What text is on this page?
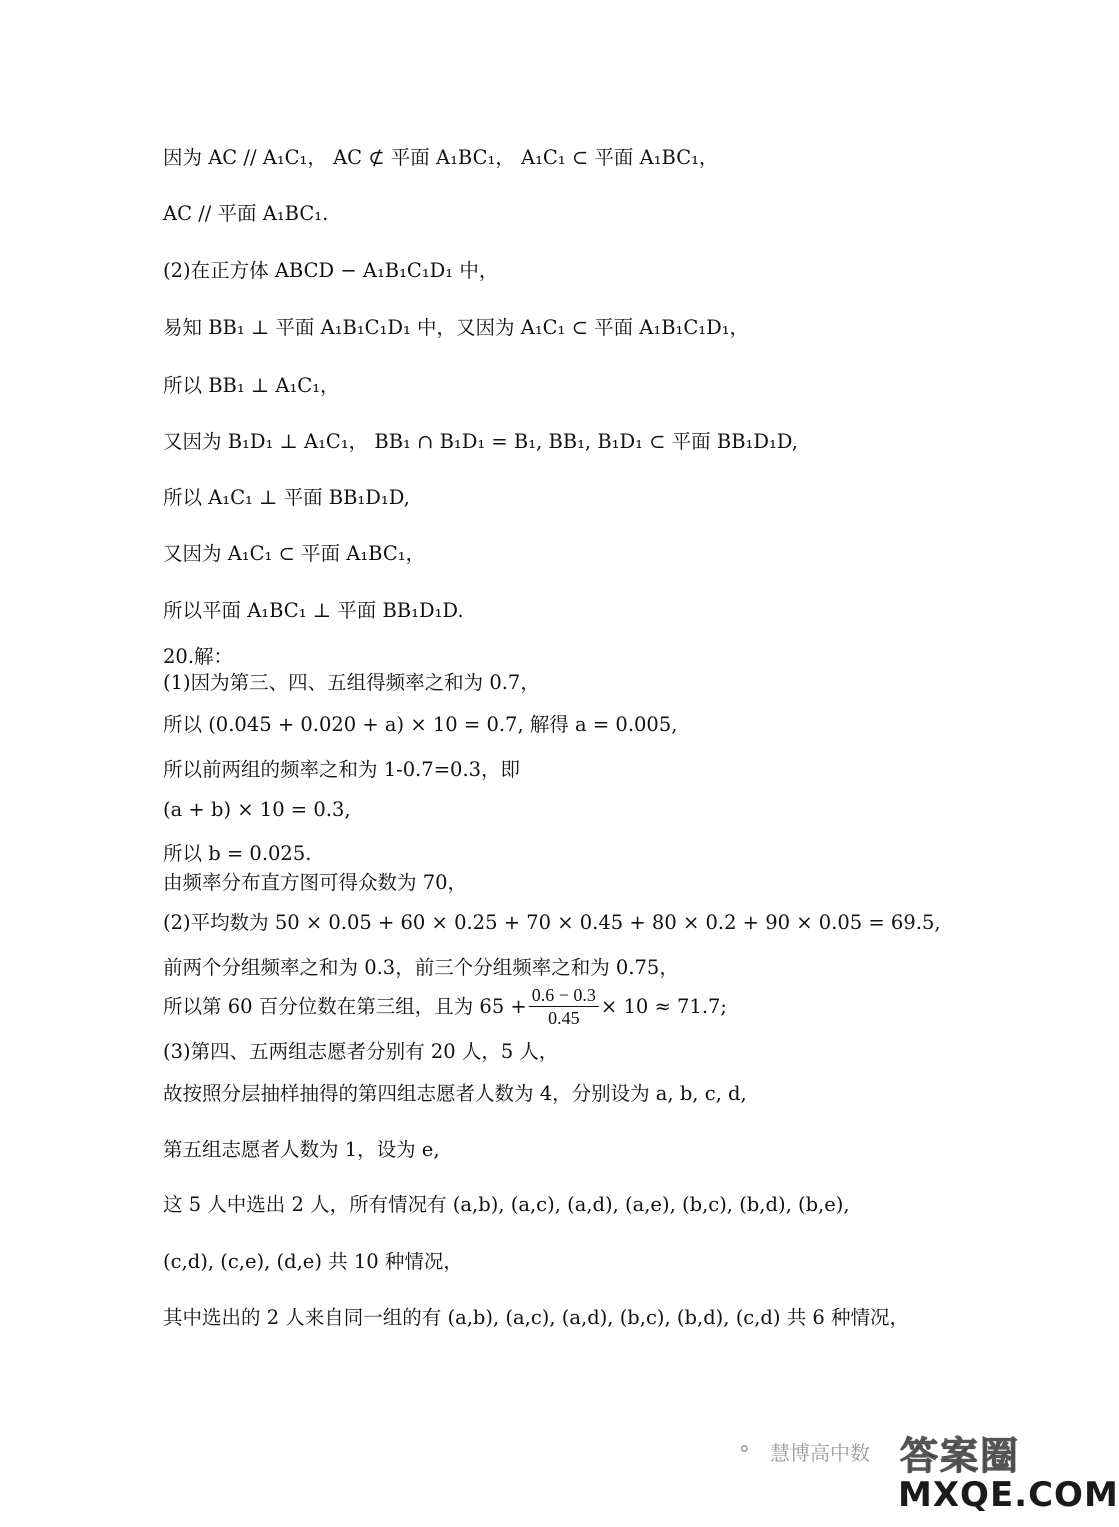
因为 AC // A₁C₁， AC ⊄ 平面 A₁BC₁， A₁C₁ ⊂ 平面 A₁BC₁，
AC // 平面 A₁BC₁.
(2)在正方体 ABCD − A₁B₁C₁D₁ 中，
易知 BB₁ ⊥ 平面 A₁B₁C₁D₁ 中，又因为 A₁C₁ ⊂ 平面 A₁B₁C₁D₁，
所以 BB₁ ⊥ A₁C₁，
又因为 B₁D₁ ⊥ A₁C₁， BB₁ ∩ B₁D₁ = B₁, BB₁, B₁D₁ ⊂ 平面 BB₁D₁D,
所以 A₁C₁ ⊥ 平面 BB₁D₁D,
又因为 A₁C₁ ⊂ 平面 A₁BC₁，
所以平面 A₁BC₁ ⊥ 平面 BB₁D₁D.
20.解：
(1)因为第三、四、五组得频率之和为 0.7，
所以 (0.045 + 0.020 + a) × 10 = 0.7, 解得 a = 0.005,
所以前两组的频率之和为 1-0.7=0.3，即
(a + b) × 10 = 0.3,
所以 b = 0.025.
由频率分布直方图可得众数为 70，
(2)平均数为 50 × 0.05 + 60 × 0.25 + 70 × 0.45 + 80 × 0.2 + 90 × 0.05 = 69.5,
前两个分组频率之和为 0.3，前三个分组频率之和为 0.75，
所以第 60 百分位数在第三组，且为 $65 + \frac{0.6 - 0.3}{0.45} \times 10 \approx 71.7$;
(3)第四、五两组志愿者分别有 20 人，5 人，
故按照分层抽样抽得的第四组志愿者人数为 4，分别设为 a, b, c, d,
第五组志愿者人数为 1，设为 e,
这 5 人中选出 2 人，所有情况有 (a,b), (a,c), (a,d), (a,e), (b,c), (b,d), (b,e),
(c,d), (c,e), (d,e) 共 10 种情况，
其中选出的 2 人来自同一组的有 (a,b), (a,c), (a,d), (b,c), (b,d), (c,d) 共 6 种情况，
⚬ 慧博高中数 答案圈
MXQE.COM
